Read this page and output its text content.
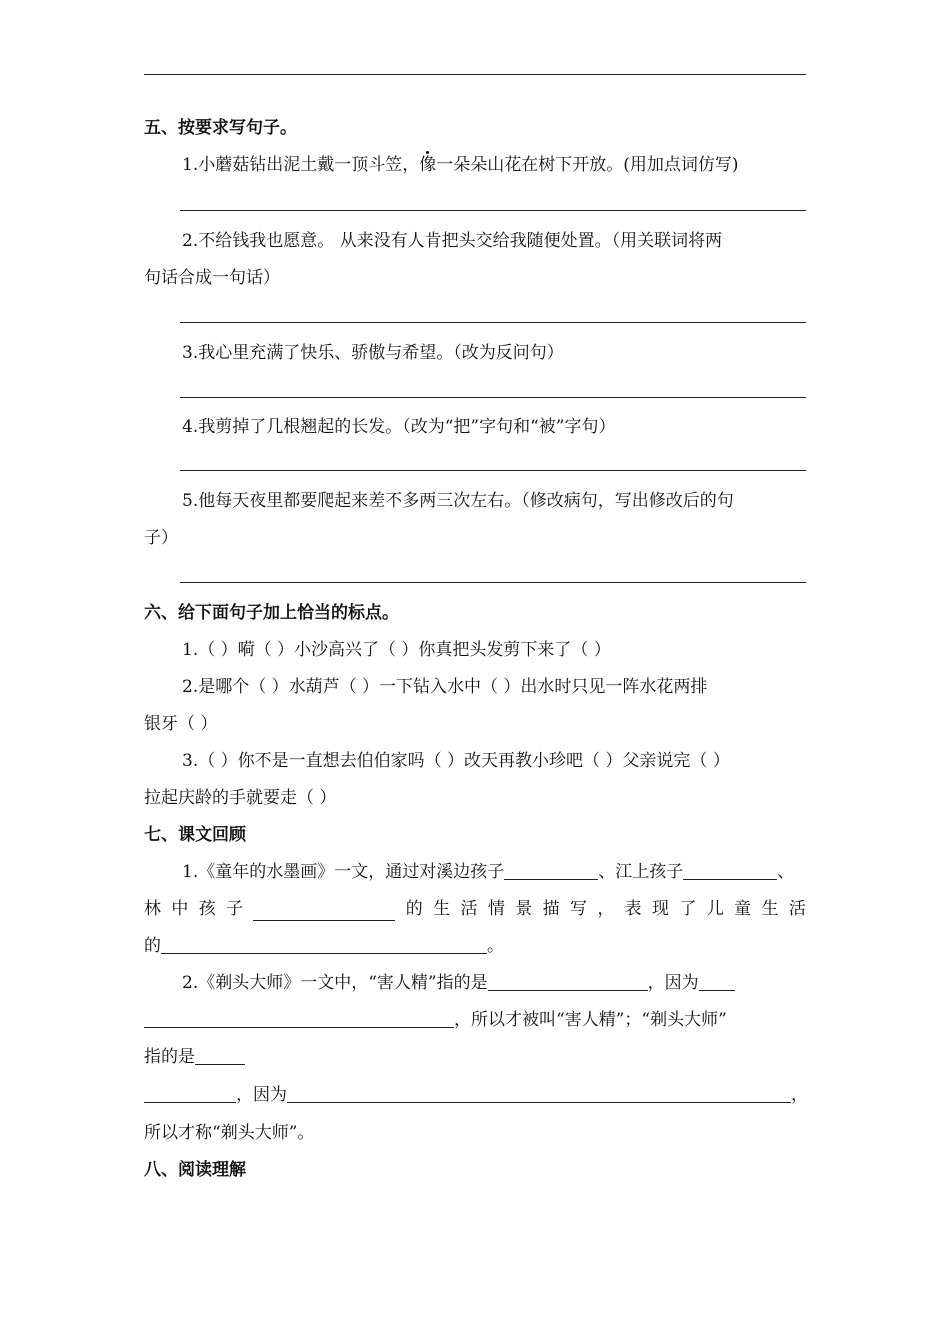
五、按要求写句子。
1.小蘑菇钻出泥土戴一顶斗笠，像一朵朵山花在树下开放。(用加点词仿写)
2.不给钱我也愿意。 从来没有人肯把头交给我随便处置。（用关联词将两
句话合成一句话）
3.我心里充满了快乐、骄傲与希望。（改为反问句）
4.我剪掉了几根翘起的长发。（改为“把”字句和“被”字句）
5.他每天夜里都要爬起来差不多两三次左右。（修改病句，写出修改后的句
子）
六、给下面句子加上恰当的标点。
1.（ ）嗬（ ）小沙高兴了（ ）你真把头发剪下来了（ ）
2.是哪个（ ）水葫芦（ ）一下钻入水中（ ）出水时只见一阵水花两排
银牙（ ）
3.（ ）你不是一直想去伯伯家吗（ ）改天再教小珍吧（ ）父亲说完（ ）
拉起庆龄的手就要走（ ）
七、课文回顾
1.《童年的水墨画》一文，通过对溪边孩子	、江上孩子	、
林 中 孩 子	的 生 活 情 景 描 写 ， 表 现 了 儿 童 生 活
的	。
2.《剃头大师》一文中，“害人精”指的是	，因为
，所以才被叫“害人精”；“剃头大师”
指的是
，因为	，
所以才称“剃头大师”。
八、阅读理解
